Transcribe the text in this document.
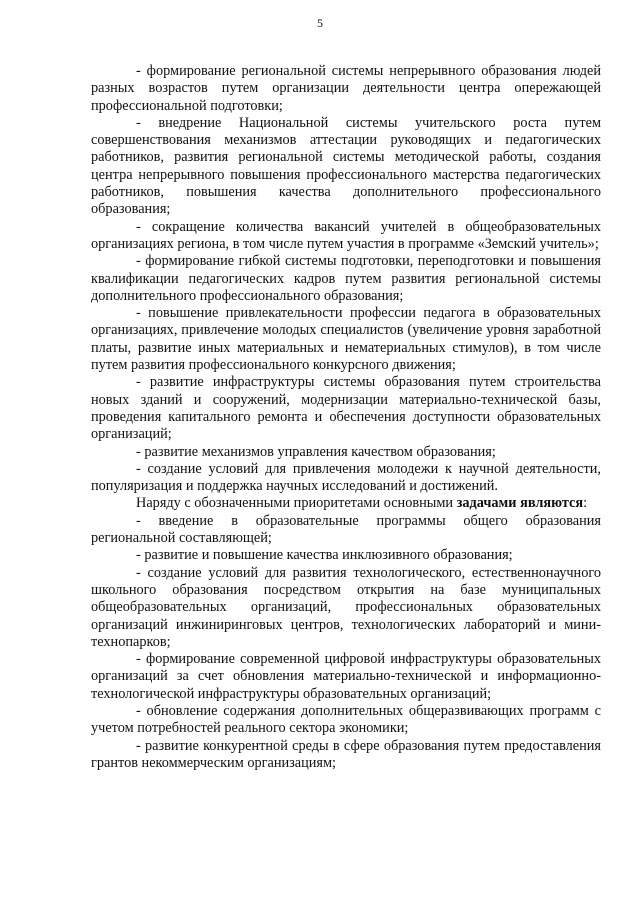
5

- формирование региональной системы непрерывного образования людей разных возрастов путем организации деятельности центра опережающей профессиональной подготовки;

- внедрение Национальной системы учительского роста путем совершенствования механизмов аттестации руководящих и педагогических работников, развития региональной системы методической работы, создания центра непрерывного повышения профессионального мастерства педагогических работников, повышения качества дополнительного профессионального образования;

- сокращение количества вакансий учителей в общеобразовательных организациях региона, в том числе путем участия в программе «Земский учитель»;

- формирование гибкой системы подготовки, переподготовки и повышения квалификации педагогических кадров путем развития региональной системы дополнительного профессионального образования;

- повышение привлекательности профессии педагога в образовательных организациях, привлечение молодых специалистов (увеличение уровня заработной платы, развитие иных материальных и нематериальных стимулов), в том числе путем развития профессионального конкурсного движения;

- развитие инфраструктуры системы образования путем строительства новых зданий и сооружений, модернизации материально-технической базы, проведения капитального ремонта и обеспечения доступности образовательных организаций;

- развитие механизмов управления качеством образования;

- создание условий для привлечения молодежи к научной деятельности, популяризация и поддержка научных исследований и достижений.

Наряду с обозначенными приоритетами основными задачами являются:

- введение в образовательные программы общего образования региональной составляющей;

- развитие и повышение качества инклюзивного образования;

- создание условий для развития технологического, естественнонаучного школьного образования посредством открытия на базе муниципальных общеобразовательных организаций, профессиональных образовательных организаций инжиниринговых центров, технологических лабораторий и мини-технопарков;

- формирование современной цифровой инфраструктуры образовательных организаций за счет обновления материально-технической и информационно-технологической инфраструктуры образовательных организаций;

- обновление содержания дополнительных общеразвивающих программ с учетом потребностей реального сектора экономики;

- развитие конкурентной среды в сфере образования путем предоставления грантов некоммерческим организациям;
